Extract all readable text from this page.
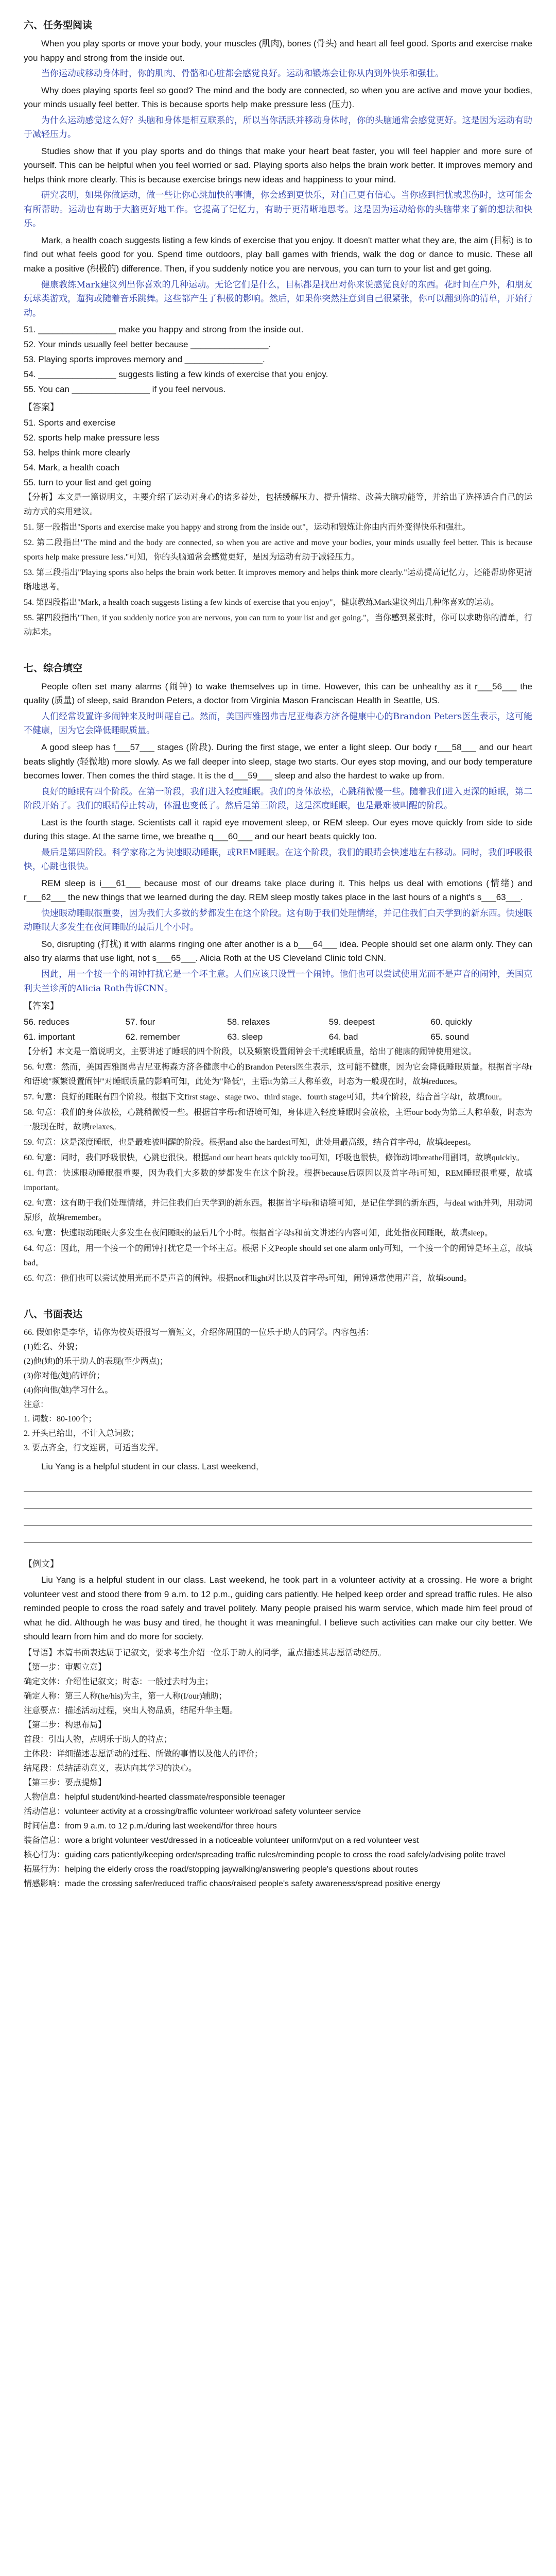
六、任务型阅读

When you play sports or move your body, your muscles (肌肉), bones (骨头) and heart all feel good. Sports and exercise make you happy and strong from the inside out.

当你运动或移动身体时，你的肌肉、骨骼和心脏都会感觉良好。运动和锻炼会让你从内到外快乐和强壮。

Why does playing sports feel so good? The mind and the body are connected, so when you are active and move your bodies, your minds usually feel better. This is because sports help make pressure less (压力).

为什么运动感觉这么好？头脑和身体是相互联系的，所以当你活跃并移动身体时，你的头脑通常会感觉更好。这是因为运动有助于减轻压力。

Studies show that if you play sports and do things that make your heart beat faster, you will feel happier and more sure of yourself. This can be helpful when you feel worried or sad. Playing sports also helps the brain work better. It improves memory and helps think more clearly. This is because exercise brings new ideas and happiness to your mind.

研究表明，如果你做运动，做一些让你心跳加快的事情，你会感到更快乐，对自己更有信心。当你感到担忧或悲伤时，这可能会有所帮助。运动也有助于大脑更好地工作。它提高了记忆力，有助于更清晰地思考。这是因为运动给你的头脑带来了新的想法和快乐。

Mark, a health coach suggests listing a few kinds of exercise that you enjoy. It doesn't matter what they are, the aim (目标) is to find out what feels good for you. Spend time outdoors, play ball games with friends, walk the dog or dance to music. These all make a positive (积极的) difference. Then, if you suddenly notice you are nervous, you can turn to your list and get going.

健康教练Mark建议列出你喜欢的几种运动。无论它们是什么，目标都是找出对你来说感觉良好的东西。花时间在户外，和朋友玩球类游戏，遛狗或随着音乐跳舞。这些都产生了积极的影响。然后，如果你突然注意到自己很紧张，你可以翻到你的清单，开始行动。

51. ________________ make you happy and strong from the inside out.

52. Your minds usually feel better because ________________.

53. Playing sports improves memory and ________________.

54. ________________ suggests listing a few kinds of exercise that you enjoy.

55. You can ________________ if you feel nervous.

【答案】

51. Sports and exercise

52. sports help make pressure less

53. helps think more clearly

54. Mark, a health coach

55. turn to your list and get going

【分析】本文是一篇说明文，主要介绍了运动对身心的诸多益处，包括缓解压力、提升情绪、改善大脑功能等，并给出了选择适合自己的运动方式的实用建议。

51. 第一段指出"Sports and exercise make you happy and strong from the inside out"，运动和锻炼让你由内而外变得快乐和强壮。

52. 第二段指出"The mind and the body are connected, so when you are active and move your bodies, your minds usually feel better. This is because sports help make pressure less."可知，你的头脑通常会感觉更好，是因为运动有助于减轻压力。

53. 第三段指出"Playing sports also helps the brain work better. It improves memory and helps think more clearly."运动提高记忆力，还能帮助你更清晰地思考。

54. 第四段指出"Mark, a health coach suggests listing a few kinds of exercise that you enjoy"，健康教练Mark建议列出几种你喜欢的运动。

55. 第四段指出"Then, if you suddenly notice you are nervous, you can turn to your list and get going."，当你感到紧张时，你可以求助你的清单，行动起来。

七、综合填空

People often set many alarms (闹钟) to wake themselves up in time. However, this can be unhealthy as it r___56___ the quality (质量) of sleep, said Brandon Peters, a doctor from Virginia Mason Franciscan Health in Seattle, US.

人们经常设置许多闹钟来及时叫醒自己。然而，美国西雅图弗吉尼亚梅森方济各健康中心的Brandon Peters医生表示，这可能不健康，因为它会降低睡眠质量。

A good sleep has f___57___ stages (阶段). During the first stage, we enter a light sleep. Our body r___58___ and our heart beats slightly (轻微地) more slowly. As we fall deeper into sleep, stage two starts. Our eyes stop moving, and our body temperature becomes lower. Then comes the third stage. It is the d___59___ sleep and also the hardest to wake up from.

良好的睡眠有四个阶段。在第一阶段，我们进入轻度睡眠。我们的身体放松，心跳稍微慢一些。随着我们进入更深的睡眠，第二阶段开始了。我们的眼睛停止转动，体温也变低了。然后是第三阶段，这是深度睡眠，也是最难被叫醒的阶段。

Last is the fourth stage. Scientists call it rapid eye movement sleep, or REM sleep. Our eyes move quickly from side to side during this stage. At the same time, we breathe q___60___ and our heart beats quickly too.

最后是第四阶段。科学家称之为快速眼动睡眠，或REM睡眠。在这个阶段，我们的眼睛会快速地左右移动。同时，我们呼吸很快，心跳也很快。

REM sleep is i___61___ because most of our dreams take place during it. This helps us deal with emotions (情绪) and r___62___ the new things that we learned during the day. REM sleep mostly takes place in the last hours of a night's s___63___.

快速眼动睡眠很重要，因为我们大多数的梦都发生在这个阶段。这有助于我们处理情绪，并记住我们白天学到的新东西。快速眼动睡眠大多发生在夜间睡眠的最后几个小时。

So, disrupting (打扰) it with alarms ringing one after another is a b___64___ idea. People should set one alarm only. They can also try alarms that use light, not s___65___. Alicia Roth at the US Cleveland Clinic told CNN.

因此，用一个接一个的闹钟打扰它是一个坏主意。人们应该只设置一个闹钟。他们也可以尝试使用光而不是声音的闹钟，美国克利夫兰诊所的Alicia Roth告诉CNN。

【答案】

56. reduces	57. four	58. relaxes	59. deepest	60. quickly
61. important	62. remember	63. sleep	64. bad	65. sound

【分析】本文是一篇说明文，主要讲述了睡眠的四个阶段，以及频繁设置闹钟会干扰睡眠质量，给出了健康的闹钟使用建议。

56. 句意：然而，美国西雅图弗吉尼亚梅森方济各健康中心的Brandon Peters医生表示，这可能不健康，因为它会降低睡眠质量。根据首字母r和语境"频繁设置闹钟"对睡眠质量的影响可知，此处为"降低"，主语it为第三人称单数，时态为一般现在时，故填reduces。

57. 句意：良好的睡眠有四个阶段。根据下文first stage、stage two、third stage、fourth stage可知，共4个阶段，结合首字母f，故填four。

58. 句意：我们的身体放松，心跳稍微慢一些。根据首字母r和语境可知，身体进入轻度睡眠时会放松，主语our body为第三人称单数，时态为一般现在时，故填relaxes。

59. 句意：这是深度睡眠，也是最难被叫醒的阶段。根据and also the hardest可知，此处用最高级，结合首字母d，故填deepest。

60. 句意：同时，我们呼吸很快，心跳也很快。根据and our heart beats quickly too可知，呼吸也很快，修饰动词breathe用副词，故填quickly。

61. 句意：快速眼动睡眠很重要，因为我们大多数的梦都发生在这个阶段。根据because后原因以及首字母i可知，REM睡眠很重要，故填important。

62. 句意：这有助于我们处理情绪，并记住我们白天学到的新东西。根据首字母r和语境可知，是记住学到的新东西，与deal with并列，用动词原形，故填remember。

63. 句意：快速眼动睡眠大多发生在夜间睡眠的最后几个小时。根据首字母s和前文讲述的内容可知，此处指夜间睡眠，故填sleep。

64. 句意：因此，用一个接一个的闹钟打扰它是一个坏主意。根据下文People should set one alarm only可知，一个接一个的闹钟是坏主意，故填bad。

65. 句意：他们也可以尝试使用光而不是声音的闹钟。根据not和light对比以及首字母s可知，闹钟通常使用声音，故填sound。

八、书面表达

66. 假如你是李华，请你为校英语报写一篇短文，介绍你周围的一位乐于助人的同学。内容包括：

(1)姓名、外貌；

(2)他(她)的乐于助人的表现(至少两点)；

(3)你对他(她)的评价；

(4)你向他(她)学习什么。

注意：

1. 词数：80-100个；

2. 开头已给出，不计入总词数；

3. 要点齐全，行文连贯，可适当发挥。

Liu Yang is a helpful student in our class. Last weekend,

【例文】

Liu Yang is a helpful student in our class. Last weekend, he took part in a volunteer activity at a crossing. He wore a bright volunteer vest and stood there from 9 a.m. to 12 p.m., guiding cars patiently. He helped keep order and spread traffic rules. He also reminded people to cross the road safely and travel politely. Many people praised his warm service, which made him feel proud of what he did. Although he was busy and tired, he thought it was meaningful. I believe such activities can make our city better. We should learn from him and do more for society.

【导语】本篇书面表达属于记叙文，要求考生介绍一位乐于助人的同学，重点描述其志愿活动经历。

【第一步：审题立意】

确定文体：介绍性记叙文；时态：一般过去时为主；

确定人称：第三人称(he/his)为主，第一人称(I/our)辅助；

注意要点：描述活动过程，突出人物品质，结尾升华主题。

【第二步：构思布局】

首段：引出人物，点明乐于助人的特点；

主体段：详细描述志愿活动的过程、所做的事情以及他人的评价；

结尾段：总结活动意义，表达向其学习的决心。

【第三步：要点提炼】

人物信息：helpful student/kind-hearted classmate/responsible teenager

活动信息：volunteer activity at a crossing/traffic volunteer work/road safety volunteer service

时间信息：from 9 a.m. to 12 p.m./during last weekend/for three hours

装备信息：wore a bright volunteer vest/dressed in a noticeable volunteer uniform/put on a red volunteer vest

核心行为：guiding cars patiently/keeping order/spreading traffic rules/reminding people to cross the road safely/advising polite travel

拓展行为：helping the elderly cross the road/stopping jaywalking/answering people's questions about routes

情感影响：made the crossing safer/reduced traffic chaos/raised people's safety awareness/spread positive energy
